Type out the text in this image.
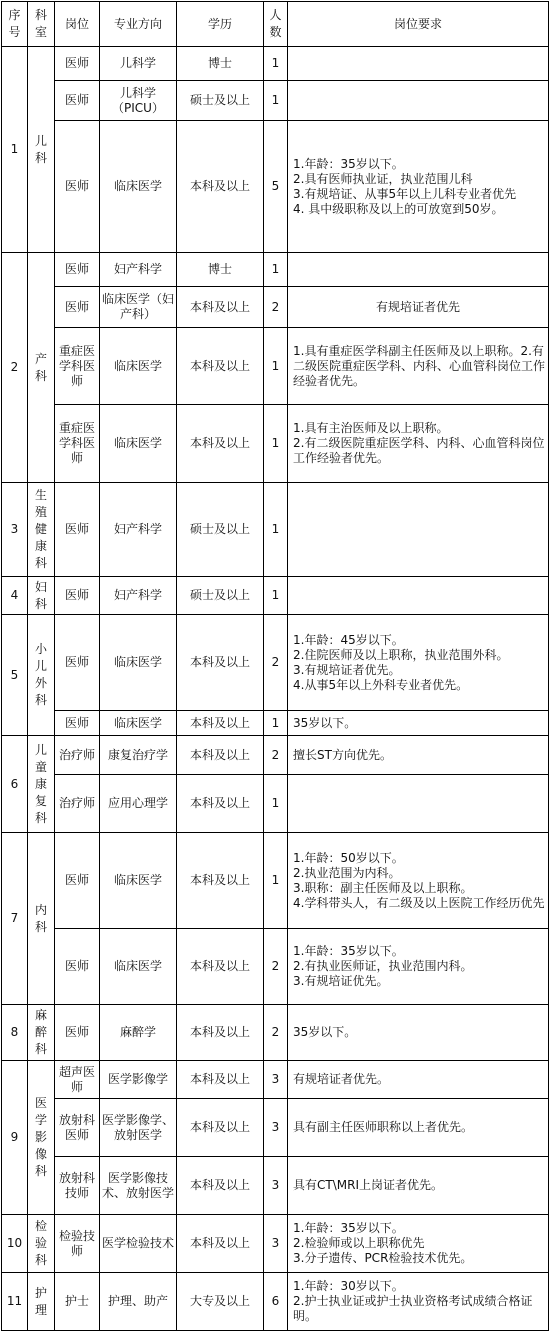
序号	科室	岗位	专业方向	学历	人数	岗位要求
1	儿科	医师	儿科学	博士	1	
		医师	儿科学（PICU）	硕士及以上	1	
		医师	临床医学	本科及以上	5	1.年龄：35岁以下。
2.具有医师执业证，执业范围儿科
3.有规培证、从事5年以上儿科专业者优先
4. 具中级职称及以上的可放宽到50岁。

2	产科	医师	妇产科学	博士	1	
		医师	临床医学（妇产科）	本科及以上	2	有规培证者优先

		重症医学科医师	临床医学	本科及以上	1	1.具有重症医学科副主任医师及以上职称。2.有二级医院重症医学科、内科、心血管科岗位工作经验者优先。

		重症医学科医师	临床医学	本科及以上	1	1.具有主治医师及以上职称。
2.有二级医院重症医学科、内科、心血管科岗位工作经验者优先。

3	生殖健康科	医师	妇产科学	硕士及以上	1	
4	妇科	医师	妇产科学	硕士及以上	1	
5	小儿外科	医师	临床医学	本科及以上	2	1.年龄：45岁以下。
2.住院医师及以上职称，执业范围外科。
3.有规培证者优先。
4.从事5年以上外科专业者优先。

		医师	临床医学	本科及以上	1	35岁以下。

6	儿童康复科	治疗师	康复治疗学	本科及以上	2	擅长ST方向优先。

		治疗师	应用心理学	本科及以上	1	
7	内科	医师	临床医学	本科及以上	1	1.年龄：50岁以下。
2.执业范围为内科。
3.职称：副主任医师及以上职称。
4.学科带头人，有二级及以上医院工作经历优先

		医师	临床医学	本科及以上	2	1.年龄：35岁以下。
2.有执业医师证，执业范围内科。
3.有规培证优先。

8	麻醉科	医师	麻醉学	本科及以上	2	35岁以下。

9	医学影像科	超声医师	医学影像学	本科及以上	3	有规培证者优先。

		放射科医师	医学影像学、放射医学	本科及以上	3	具有副主任医师职称以上者优先。

		放射科技师	医学影像技术、放射医学	本科及以上	3	具有CT\MRI上岗证者优先。

10	检验科	检验技师	医学检验技术	本科及以上	3	1.年龄：35岁以下。
2.检验师或以上职称优先
3.分子遗传、PCR检验技术优先。

11	护理	护士	护理、助产	大专及以上	6	1.年龄：30岁以下。
2.护士执业证或护士执业资格考试成绩合格证明。
